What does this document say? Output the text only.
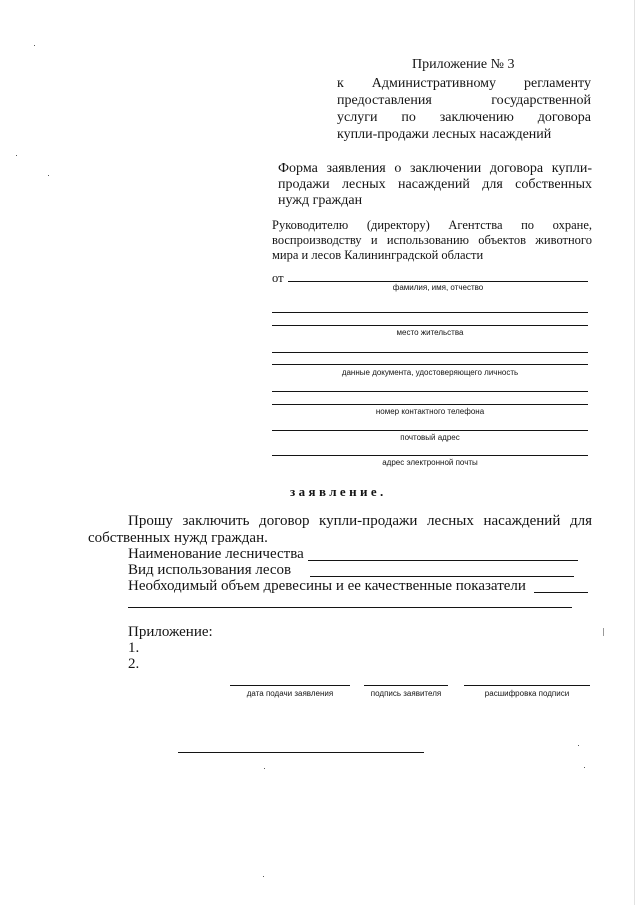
Приложение № 3
к Административному регламенту
предоставления государственной
услуги по заключению договора
купли-продажи лесных насаждений
Форма заявления о заключении договора купли-
продажи лесных насаждений для собственных
нужд граждан
Руководителю (директору) Агентства по охране,
воспроизводству и использованию объектов животного
мира и лесов Калининградской области
от
фамилия, имя, отчество
место жительства
данные документа, удостоверяющего личность
номер контактного телефона
почтовый адрес
адрес электронной почты
заявление.
Прошу заключить договор купли-продажи лесных насаждений для
собственных нужд граждан.
Наименование лесничества
Вид использования лесов
Необходимый объем древесины и ее качественные показатели
Приложение:
1.
2.
дата подачи заявления	подпись заявителя	расшифровка подписи
